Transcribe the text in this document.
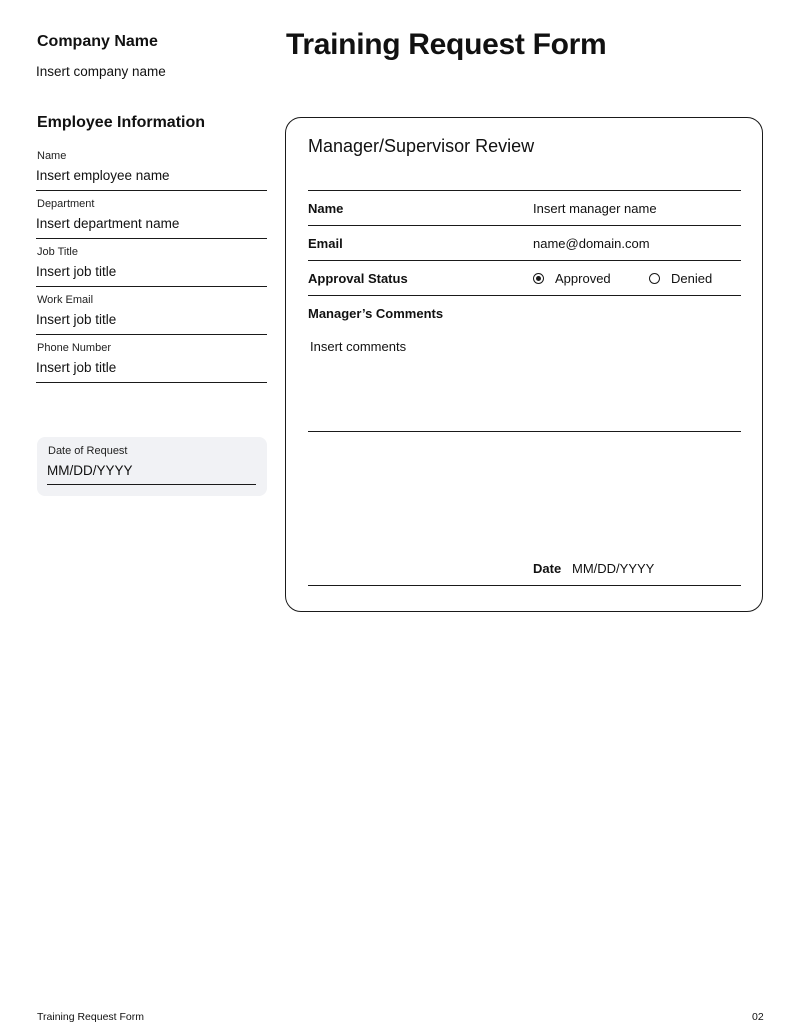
Company Name
Insert company name
Employee Information
Name
Insert employee name
Department
Insert department name
Job Title
Insert job title
Work Email
Insert job title
Phone Number
Insert job title
Date of Request
MM/DD/YYYY
Training Request Form
Manager/Supervisor Review
Name	Insert manager name
Email	name@domain.com
Approval Status	Approved	Denied
Manager’s Comments
Insert comments
Date MM/DD/YYYY
Training Request Form	02
